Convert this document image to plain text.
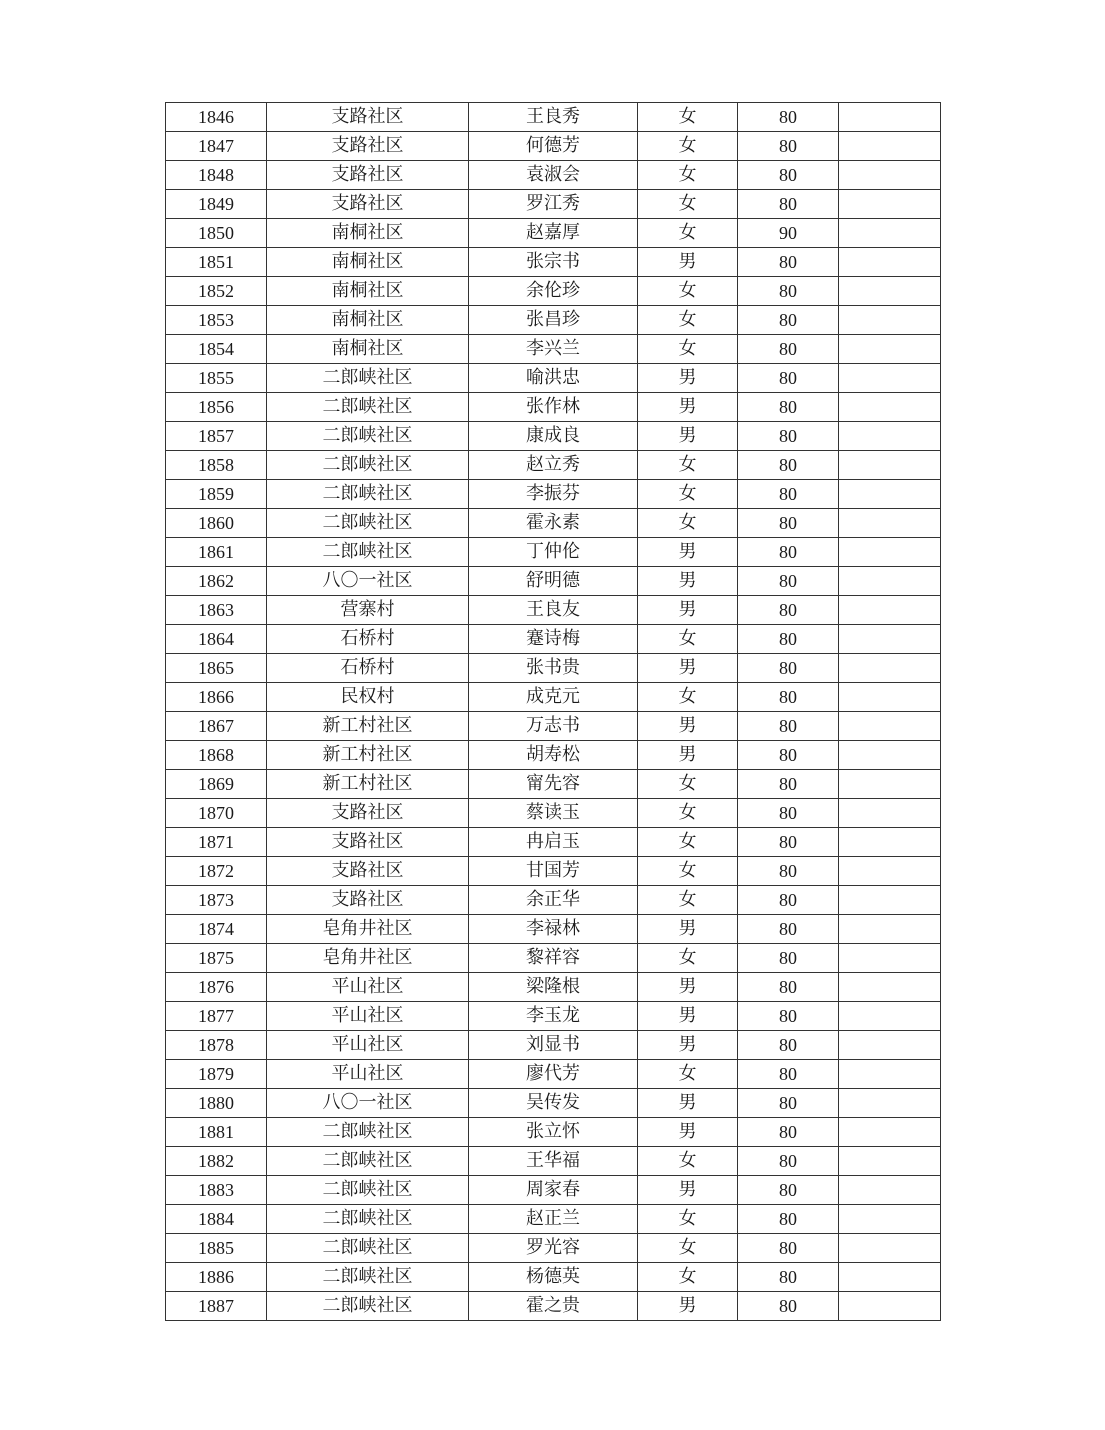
1846	支路社区	王良秀	女	80	
1847	支路社区	何德芳	女	80	
1848	支路社区	袁淑会	女	80	
1849	支路社区	罗江秀	女	80	
1850	南桐社区	赵嘉厚	女	90	
1851	南桐社区	张宗书	男	80	
1852	南桐社区	余伦珍	女	80	
1853	南桐社区	张昌珍	女	80	
1854	南桐社区	李兴兰	女	80	
1855	二郎峡社区	喻洪忠	男	80	
1856	二郎峡社区	张作林	男	80	
1857	二郎峡社区	康成良	男	80	
1858	二郎峡社区	赵立秀	女	80	
1859	二郎峡社区	李振芬	女	80	
1860	二郎峡社区	霍永素	女	80	
1861	二郎峡社区	丁仲伦	男	80	
1862	八〇一社区	舒明德	男	80	
1863	营寨村	王良友	男	80	
1864	石桥村	蹇诗梅	女	80	
1865	石桥村	张书贵	男	80	
1866	民权村	成克元	女	80	
1867	新工村社区	万志书	男	80	
1868	新工村社区	胡寿松	男	80	
1869	新工村社区	甯先容	女	80	
1870	支路社区	蔡读玉	女	80	
1871	支路社区	冉启玉	女	80	
1872	支路社区	甘国芳	女	80	
1873	支路社区	余正华	女	80	
1874	皂角井社区	李禄林	男	80	
1875	皂角井社区	黎祥容	女	80	
1876	平山社区	梁隆根	男	80	
1877	平山社区	李玉龙	男	80	
1878	平山社区	刘显书	男	80	
1879	平山社区	廖代芳	女	80	
1880	八〇一社区	吴传发	男	80	
1881	二郎峡社区	张立怀	男	80	
1882	二郎峡社区	王华福	女	80	
1883	二郎峡社区	周家春	男	80	
1884	二郎峡社区	赵正兰	女	80	
1885	二郎峡社区	罗光容	女	80	
1886	二郎峡社区	杨德英	女	80	
1887	二郎峡社区	霍之贵	男	80	
